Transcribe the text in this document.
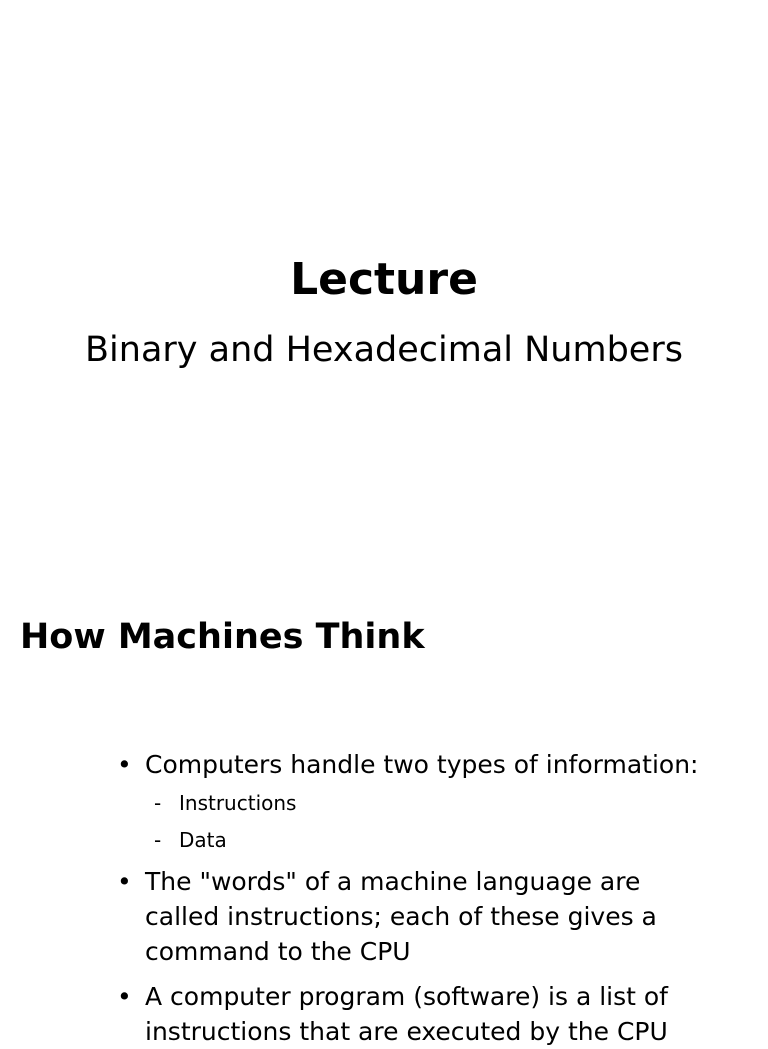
Lecture
Binary and Hexadecimal Numbers
How Machines Think
• Computers handle two types of information:
- Instructions
- Data
• The "words" of a machine language are
called instructions; each of these gives a
command to the CPU
• A computer program (software) is a list of
instructions that are executed by the CPU
